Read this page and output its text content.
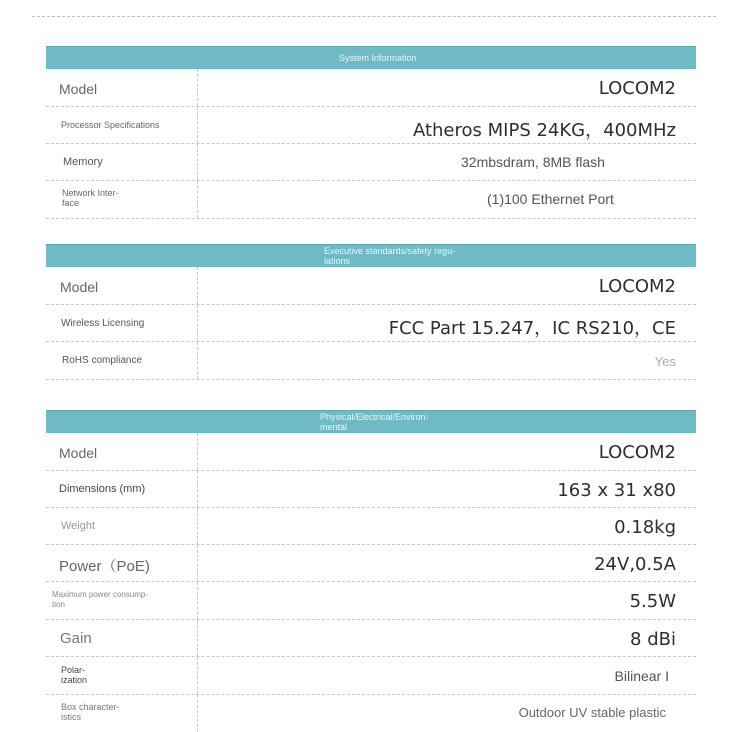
System Information
Model	LOCOM2
Processor Specifications	Atheros MIPS 24KG，400MHz
Memory	32mbsdram, 8MB flash
Network Inter-
face	(1)100 Ethernet Port
Executive standards/safety regu-
lations
Model	LOCOM2
Wireless Licensing	FCC Part 15.247，IC RS210，CE
RoHS compliance	Yes
Physical/Electrical/Environ-
mental
Model	LOCOM2
Dimensions (mm)	163 x 31 x80
Weight	0.18kg
Power（PoE)	24V,0.5A
Maximum power consump-
tion	5.5W
Gain	8 dBi
Polar-
ization	Bilinear I
Box character-
istics	Outdoor UV stable plastic
